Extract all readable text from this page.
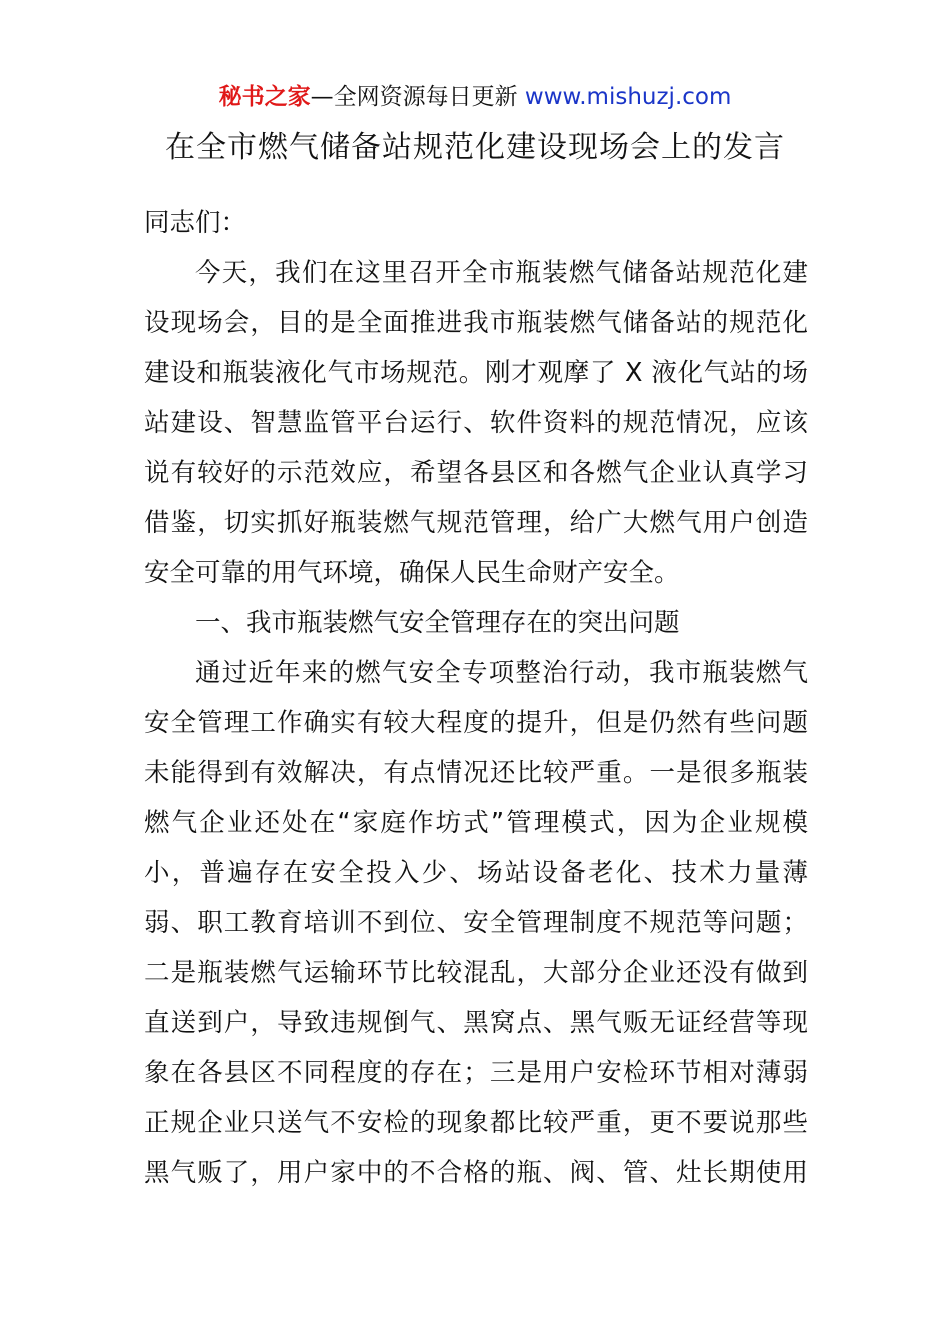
秘书之家—全网资源每日更新 www.mishuzj.com
在全市燃气储备站规范化建设现场会上的发言
同志们：
今天，我们在这里召开全市瓶装燃气储备站规范化建
设现场会，目的是全面推进我市瓶装燃气储备站的规范化
建设和瓶装液化气市场规范。刚才观摩了 X 液化气站的场
站建设、智慧监管平台运行、软件资料的规范情况，应该
说有较好的示范效应，希望各县区和各燃气企业认真学习
借鉴，切实抓好瓶装燃气规范管理，给广大燃气用户创造
安全可靠的用气环境，确保人民生命财产安全。
一、我市瓶装燃气安全管理存在的突出问题
通过近年来的燃气安全专项整治行动，我市瓶装燃气
安全管理工作确实有较大程度的提升，但是仍然有些问题
未能得到有效解决，有点情况还比较严重。一是很多瓶装
燃气企业还处在“家庭作坊式”管理模式，因为企业规模
小，普遍存在安全投入少、场站设备老化、技术力量薄
弱、职工教育培训不到位、安全管理制度不规范等问题；
二是瓶装燃气运输环节比较混乱，大部分企业还没有做到
直送到户，导致违规倒气、黑窝点、黑气贩无证经营等现
象在各县区不同程度的存在；三是用户安检环节相对薄弱
正规企业只送气不安检的现象都比较严重，更不要说那些
黑气贩了，用户家中的不合格的瓶、阀、管、灶长期使用
